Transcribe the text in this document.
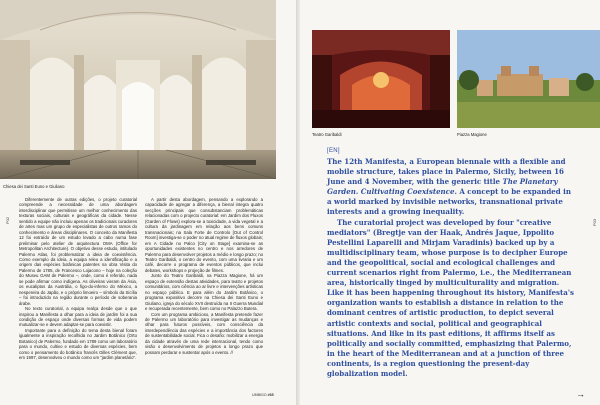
Chiesa dei Santi Euno e Giuliano
P02

Diferentemente de outras edições, o projeto curatorial compreende a necessidade de uma abordagem interdisciplinar que permitisse um melhor conhecimento das texturas sociais, culturais e geográficas da cidade. Nesse sentido a equipe não incluiu apenas os tradicionais curadores de artes mas um grupo de especialistas de outros ramos do conhecimento e áreas disciplinares. O conceito da Manifesta 12 foi extraído de um estudo levado a cabo numa fase preliminar pelo atelier de arquitectura OMA (Office for Metropolitan Architecture). O objetivo desse estudo, intitulado Palermo Atlas, foi problematizar a ideia de coexistência. Como exemplo da ideia, a equipa releu a identificação e a origem das espécies botânicas patentes na obra Visita do Palermo de 1785, de Francesco Lojacono – hoje na coleção do Museu GAM de Palermo –, onde, como é referido, nada se pode afirmar como indígena. As oliveiras vieram da Ásia, os eucaliptos da Austrália, o figo-do-inferno do México, a nespereira do Japão, e o próprio limoeiro – símbolo da Sicília – foi introduzido na região durante o período de soberania árabe.

No texto curatorial, a equipa realça desde que o que inspirou a Manifesta a olhar para a ideia de jardim foi a sua condição de espaço onde diversas formas de vida podem mutualizar-se e devem adaptar-se para coexistir.

Importante para a definição do tema desta bienal foram igualmente a inspiração recolhida no Jardim Botânico (Orto Botanico) de Palermo, fundado em 1789 como um laboratório para o mundo, cultivo e estudo de diversas espécies, bem como o pensamento do botânico francês Gilles Clément que, em 1997, desenvolveu o mundo como um "jardim planetário".

A partir desta abordagem, pensando a explorando a capacidade de agregar a diferença, a bienal integra quatro secções principais que consubstanciam problemáticas relacionadas com o projecto curatorial: em Jardim dos Fluxos (Garden of Flows) explora-se a toxicidade, a vida vegetal e a cultura da jardinagem em relação aos bens comuns transnacionais; na Sala Forte de Controlo [Out of Control Room] investiga-se o poder no atual regime de fluxos globais; em A Cidade no Palco [City on Stage] examina-se as oportunidades existentes no centro e nos arredores de Palermo para desenvolver projetos a médio e longo prazo; no Teatro Garibaldi, o centro do evento, com uma livraria e um café, decorre o programa de eventos públicos, que inclui debates, workshops e projeção de filmes.

Junto do Teatro Garibaldi, na Piazza Magione, há um espaço de extensão destas atividades, para teatro e projetos comunitários, com ciência ao ar livre e intervenções artísticas no espaço público. E para além do Jardim Botânico, o programa expositivo decorre na Chiesa dei Santi Euno e Giuliano, igreja do século XVII destruída na II Guerra Mundial e recuperada recentemente, bem como no Palazzo Butera.

Com um programa ambicioso, a Manifesta pretende fazer de Palermo um laboratório para investigar as mudanças e olhar para futuros possíveis, com consciência da interdependência das espécies e a importância dos factores de sustentabilidade social. Fica o desafio: mobilizar a energia da cidade através de uma rede internacional, tendo como visão o desenvolvimento de projetos a longo prazo que possam perdurar e sustentar após o evento. //

UMBIGO #65
Teatro Garibaldi	Piazza Magione
P03
[EN]

The 12th Manifesta, a European biennale with a flexible and mobile structure, takes place in Palermo, Sicily, between 16 June and 4 November, with the generic title The Planetary Garden. Cultivating Coexistence. A concept to be expanded in a world marked by invisible networks, transnational private interests and a growing inequality.

The curatorial project was developed by four "creative mediators" (Bregtje van der Haak, Andrés Jaque, Ippolito Pestellini Laparelli and Mirjam Varadinis) backed up by a multidisciplinary team, whose purpose is to decipher Europe and the geopolitical, social and ecological challenges and current scenarios right from Palermo, i.e., the Mediterranean area, historically tinged by multiculturality and migration. Like it has been happening throughout its history, Manifesta's organization wants to establish a distance in relation to the dominant centres of artistic production, to depict several artistic contexts and social, political and geographical situations. And like in its past editions, it affirms itself as politically and socially committed, emphasizing that Palermo, in the heart of the Mediterranean and at a junction of three continents, is a region questioning the present-day globalization model.

→
